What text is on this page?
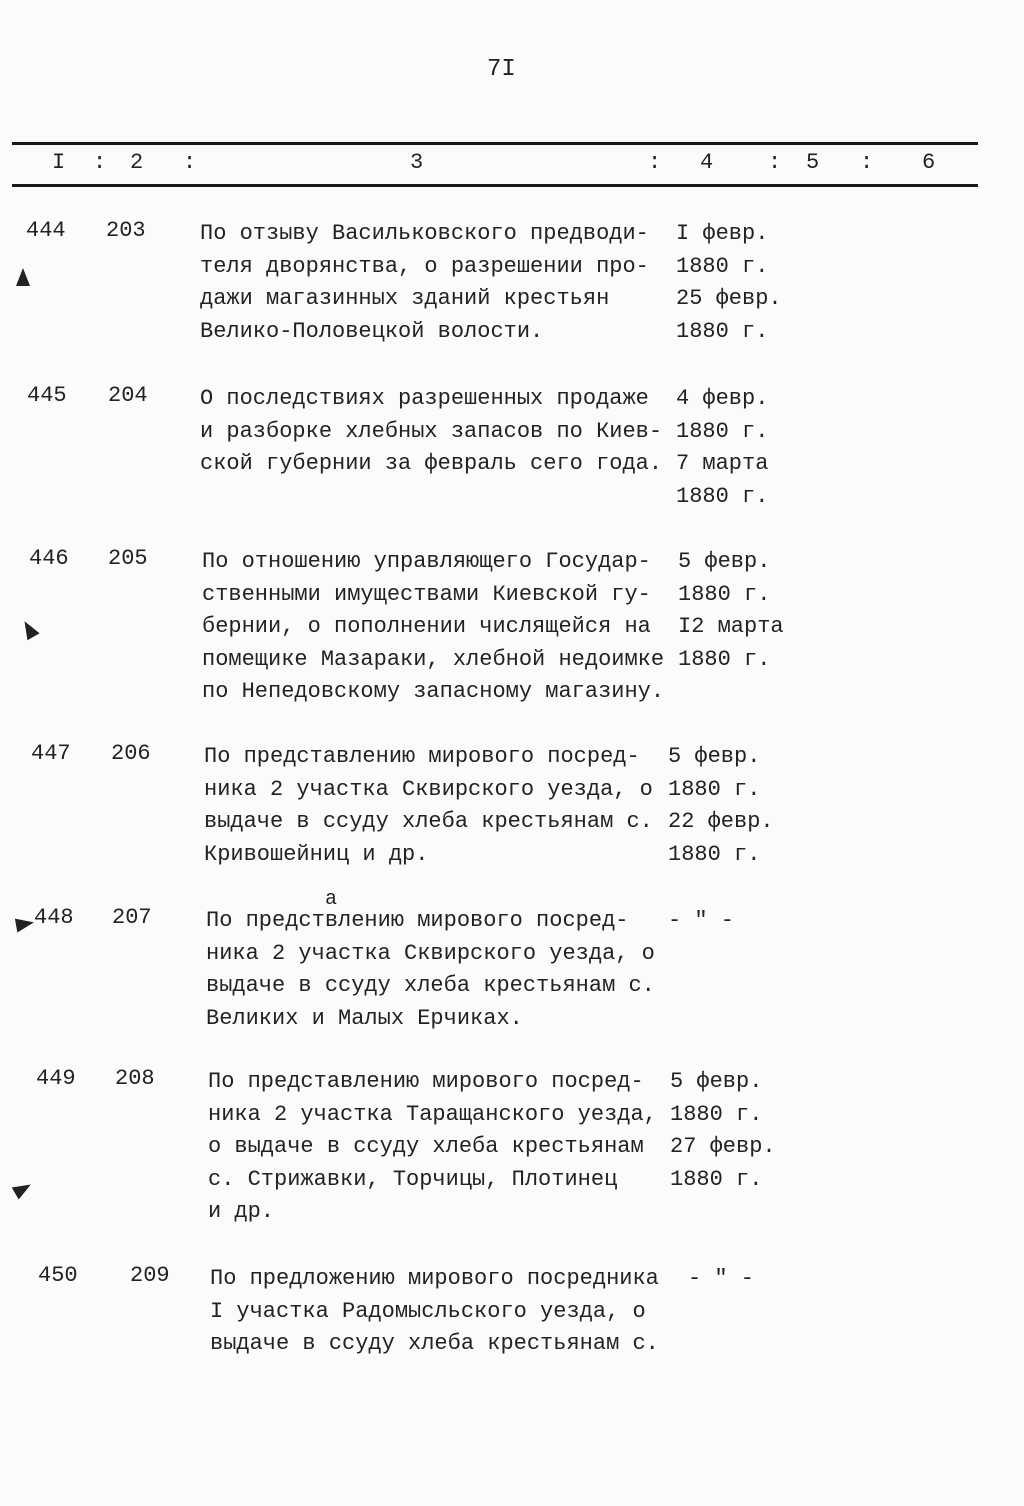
7I
I : 2 :	3	: 4 : 5 : 6
444 203 По отзыву Васильковского предводи-
теля дворянства, о разрешении про-
дажи магазинных зданий крестьян
Велико-Половецкой волости.
I февр.
1880 г.
25 февр.
1880 г.
445 204 О последствиях разрешенных продаже
и разборке хлебных запасов по Киев-
ской губернии за февраль сего года.
4 февр.
1880 г.
7 марта
1880 г.
446 205 По отношению управляющего Государ-
ственными имуществами Киевской гу-
бернии, о пополнении числящейся на
помещике Мазараки, хлебной недоимке
по Непедовскому запасному магазину.
5 февр.
1880 г.
I2 марта
1880 г.
447 206 По представлению мирового посред-
ника 2 участка Сквирского уезда, о
выдаче в ссуду хлеба крестьянам с.
Кривошейниц и др.
5 февр.
1880 г.
22 февр.
1880 г.
448 207 По предствлению мирового посред-
ника 2 участка Сквирского уезда, о
выдаче в ссуду хлеба крестьянам с.
Великих и Малых Ерчиках.
- " -
449 208 По представлению мирового посред-
ника 2 участка Таращанского уезда,
о выдаче в ссуду хлеба крестьянам
с. Стрижавки, Торчицы, Плотинец
и др.
5 февр.
1880 г.
27 февр.
1880 г.
450 209 По предложению мирового посредника
I участка Радомысльского уезда, о
выдаче в ссуду хлеба крестьянам с.
- " -
а
